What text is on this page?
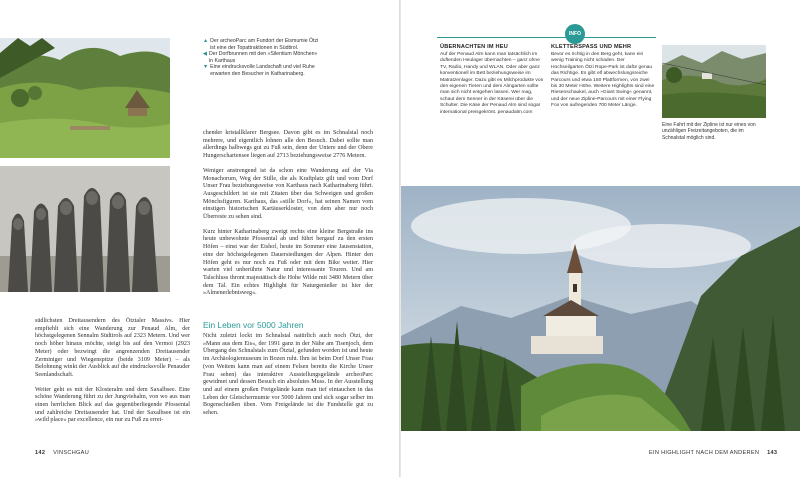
▲ Der archeoParc am Fundort der Eismumie Ötzi ist eine der Topattraktionen in Südtirol.
◀ Der Dorfbrunnen mit den »Silentium Mönchen« in Karthaus
▼ Eine eindrucksvolle Landschaft und viel Ruhe erwarten den Besucher in Katharinaberg.

chender kristallklarer Bergsee. Davon gibt es im Schnalstal noch mehrere, und eigentlich lohnen alle den Besuch. Dabei sollte man allerdings halbwegs gut zu Fuß sein, denn der Untere und der Obere Hungerschartensee liegen auf 2713 beziehungsweise 2776 Metern.

Weniger anstrengend ist da schon eine Wanderung auf der Via Monachorum, Weg der Stille, die als Kraftplatz gilt und vom Dorf Unser Frau beziehungsweise von Karthaus nach Katharinaberg führt. Ausgeschildert ist sie mit Zitaten über das Schweigen und großen Mönchsfiguren. Karthaus, das »stille Dorf«, hat seinen Namen vom einstigen historischen Kartäuserkloster, von dem aber nur noch Überreste zu sehen sind.

Kurz hinter Katharinaberg zweigt rechts eine kleine Bergstraße ins heute unbewohnte Pfossental ab und führt bergauf zu den ersten Höfen – einst war der Eishof, heute im Sommer eine Jausenstation, eine der höchstgelegenen Dauersiedlungen der Alpen. Hinter den Höfen geht es nur noch zu Fuß oder mit dem Bike weiter. Hier warten viel unberührte Natur und interessante Touren. Und am Talschluss thront majestätisch die Hohe Wilde mit 3480 Metern über dem Tal. Ein echtes Highlight für Naturgenießer ist hier der »Almenerlebnisweg«.

Ein Leben vor 5000 Jahren

Nicht zuletzt lockt im Schnalstal natürlich auch noch Ötzi, der »Mann aus dem Eis«, der 1991 ganz in der Nähe am Tisenjoch, dem Übergang des Schnalstals zum Ötztal, gefunden worden ist und heute im Archäologiemuseum in Bozen ruht. Ihm ist beim Dorf Unser Frau (von Weitem kann man auf einem Felsen bereits die Kirche Unser Frau sehen) das interaktive Ausstellungsgelände archeoParc gewidmet und dessen Besuch ein absolutes Muss. In der Ausstellung und auf einem großen Freigelände kann man tief eintauchen in das Leben der Gletschermumie vor 5000 Jahren und sich sogar selber im Bogenschießen üben. Vom Freigelände ist die Fundstelle gut zu sehen.

südlichsten Dreitausendern des Ötztaler Massivs. Hier empfiehlt sich eine Wanderung zur Penaud Alm, der höchstgelegenen Sennalm Südtirols auf 2323 Metern. Und wer noch höher hinaus möchte, steigt bis auf den Vermoi (2923 Meter) oder bezwingt die angrenzenden Dreitausender Zerminiger und Wiegenspitze (beide 3109 Meter) – als Belohnung winkt der Ausblick auf die eindrucksvolle Penauder Seenlandschaft.

Weiter geht es mit der Klosteralm und dem Saxalbsee. Eine schöne Wanderung führt zu der Jungviehalm, von wo aus man einen herrlichen Blick auf das gegenüberliegende Pfossental und zahlreiche Dreitausender hat. Und der Saxalbsee ist ein »wild place« par excellence, ein nur zu Fuß zu errei-

142 VINSCHGAU	EIN HIGHLIGHT NACH DEM ANDEREN 143
INFO
ÜBERNACHTEN IM HEU
Auf der Penaud Alm kann man tatsächlich im duftenden Heulager übernachten – ganz ohne TV, Radio, Handy und WLAN. Oder aber ganz konventionell im Bett beziehungsweise im Matratzenlager. Dazu gibt es Milchprodukte von den eigenen Tieren und dem Almgarten sollte man sich nicht entgehen lassen. Wer mag, schaut dem Senner in der Käserei über die Schulter. Die Käse der Penaud Alm sind sogar international preisgekrönt. penaudalm.com
KLETTERSPASS UND MEHR
Bevor es richtig in den Berg geht, kann ein wenig Training nicht schaden. Der Hochseilgarten Ötzi Rope-Park ist dafür genau das Richtige. Es gibt elf abwechslungsreiche Parcours und etwa 150 Plattformen, von zwei bis 30 Meter Höhe. Weitere Highlights sind eine Riesenschaukel, auch »Giant Swing« genannt, und der neue Zipline-Parcours mit einer Flying Fox von aufregenden 700 Meter Länge.
Eine Fahrt mit der Zipline ist nur eines von unzähligen Freizeitangeboten, die im Schnalstal möglich sind.
